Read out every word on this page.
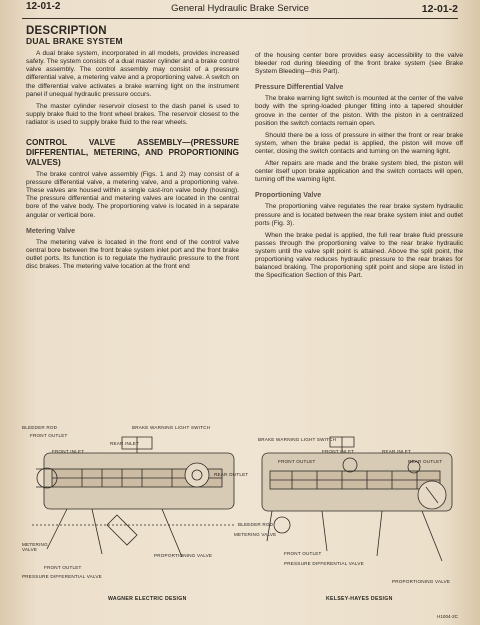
12-01-2	General Hydraulic Brake Service	12-01-2
DESCRIPTION
DUAL BRAKE SYSTEM

A dual brake system, incorporated in all models, provides increased safety. The system consists of a dual master cylinder and a brake control valve assembly. The control assembly may consist of a pressure differential valve, a metering valve and a proportioning valve. A switch on the differential valve activates a brake warning light on the instrument panel if unequal hydraulic pressure occurs.

The master cylinder reservoir closest to the dash panel is used to supply brake fluid to the front wheel brakes. The reservoir closest to the radiator is used to supply brake fluid to the rear wheels.

CONTROL VALVE ASSEMBLY—(PRESSURE DIFFERENTIAL, METERING, AND PROPORTIONING VALVES)

The brake control valve assembly (Figs. 1 and 2) may consist of a pressure differential valve, a metering valve, and a proportioning valve. These valves are housed within a single cast-iron valve body (housing). The pressure differential and metering valves are located in the central bore of the valve body. The proportioning valve is located in a separate angular or vertical bore.

Metering Valve

The metering valve is located in the front end of the control valve central bore between the front brake system inlet port and the front brake outlet ports. Its function is to regulate the hydraulic pressure to the front disc brakes. The metering valve location at the front end

of the housing center bore provides easy accessibility to the valve bleeder rod during bleeding of the front brake system (see Brake System Bleeding—this Part).

Pressure Differential Valve

The brake warning light switch is mounted at the center of the valve body with the spring-loaded plunger fitting into a tapered shoulder groove in the center of the piston. With the piston in a centralized position the switch contacts remain open.

Should there be a loss of pressure in either the front or rear brake system, when the brake pedal is applied, the piston will move off center, closing the switch contacts and turning on the warning light.

After repairs are made and the brake system bled, the piston will center itself upon brake application and the switch contacts will open, turning off the warning light.

Proportioning Valve

The proportioning valve regulates the rear brake system hydraulic pressure and is located between the rear brake system inlet and outlet ports (Fig. 3).

When the brake pedal is applied, the full rear brake fluid pressure passes through the proportioning valve to the rear brake hydraulic system until the valve split point is attained. Above the split point, the proportioning valve reduces hydraulic pressure to the rear brakes for balanced braking. The proportioning split point and slope are listed in the Specification Section of this Part.

BLEEDER ROD	BRAKE WARNING LIGHT SWITCH
FRONT OUTLET
REAR INLET
FRONT INLET
REAR OUTLET
METERING VALVE
PROPORTIONING VALVE
FRONT OUTLET
PRESSURE DIFFERENTIAL VALVE
BRAKE WARNING LIGHT SWITCH
FRONT INLET	REAR INLET
FRONT OUTLET	REAR OUTLET
BLEEDER ROD
METERING VALVE
FRONT OUTLET
PRESSURE DIFFERENTIAL VALVE
PROPORTIONING VALVE
WAGNER ELECTRIC DESIGN	KELSEY-HAYES DESIGN
H1004-2C
